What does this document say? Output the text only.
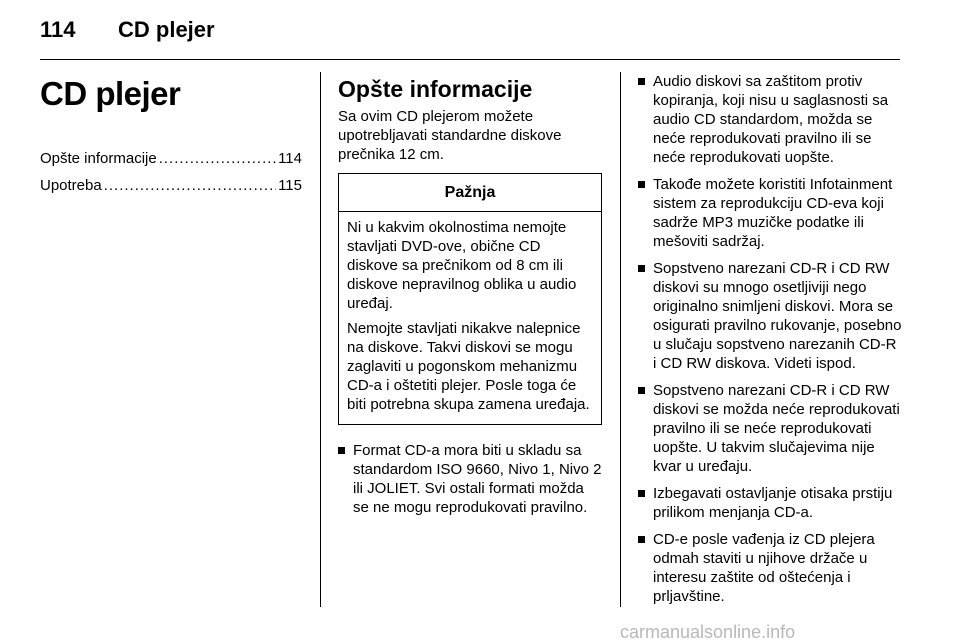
114 CD plejer
CD plejer
Opšte informacije .....	114
Upotreba .....	115
Opšte informacije

Sa ovim CD plejerom možete upotrebljavati standardne diskove prečnika 12 cm.

Pažnja

Ni u kakvim okolnostima nemojte stavljati DVD-ove, obične CD diskove sa prečnikom od 8 cm ili diskove nepravilnog oblika u audio uređaj.

Nemojte stavljati nikakve nalepnice na diskove. Takvi diskovi se mogu zaglaviti u pogonskom mehanizmu CD-a i oštetiti plejer. Posle toga će biti potrebna skupa zamena uređaja.

Format CD-a mora biti u skladu sa standardom ISO 9660, Nivo 1, Nivo 2 ili JOLIET. Svi ostali formati možda se ne mogu reprodukovati pravilno.
Audio diskovi sa zaštitom protiv kopiranja, koji nisu u saglasnosti sa audio CD standardom, možda se neće reprodukovati pravilno ili se neće reprodukovati uopšte.
Takođe možete koristiti Infotainment sistem za reprodukciju CD-eva koji sadrže MP3 muzičke podatke ili mešoviti sadržaj.
Sopstveno narezani CD-R i CD RW diskovi su mnogo osetljiviji nego originalno snimljeni diskovi. Mora se osigurati pravilno rukovanje, posebno u slučaju sopstveno narezanih CD-R i CD RW diskova. Videti ispod.
Sopstveno narezani CD-R i CD RW diskovi se možda neće reprodukovati pravilno ili se neće reprodukovati uopšte. U takvim slučajevima nije kvar u uređaju.
Izbegavati ostavljanje otisaka prstiju prilikom menjanja CD-a.
CD-e posle vađenja iz CD plejera odmah staviti u njihove držače u interesu zaštite od oštećenja i prljavštine.
carmanualsonline.info
